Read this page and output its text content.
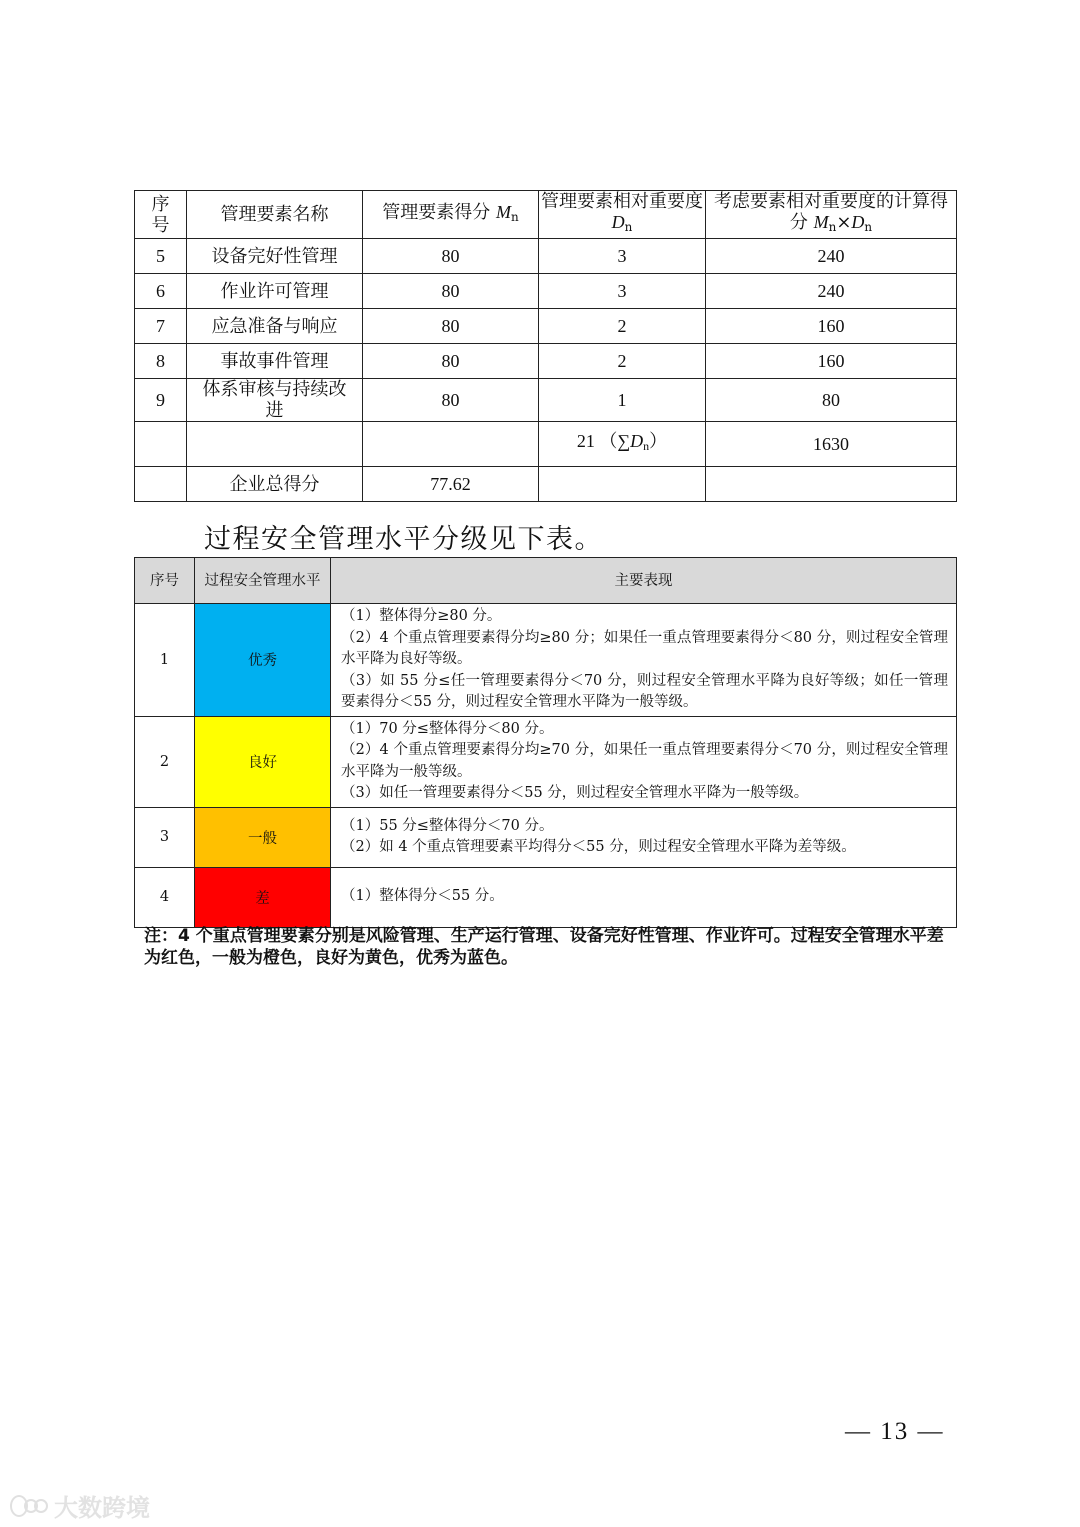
序号	管理要素名称	管理要素得分 $M_n$	管理要素相对重要度 $D_n$	考虑要素相对重要度的计算得分 $M_n\times D_n$
5	设备完好性管理	80	3	240
6	作业许可管理	80	3	240
7	应急准备与响应	80	2	160
8	事故事件管理	80	2	160
9	体系审核与持续改进	80	1	80
			21 $(\sum D_n)$	1630
	企业总得分	77.62		
过程安全管理水平分级见下表。
序号	过程安全管理水平	主要表现
1	优秀	（1）整体得分≥80 分。

（2）4 个重点管理要素得分均≥80 分；如果任一重点管理要素得分＜80 分，则过程安全管理水平降为良好等级。

（3）如 55 分≤任一管理要素得分＜70 分，则过程安全管理水平降为良好等级；如任一管理要素得分＜55 分，则过程安全管理水平降为一般等级。

2	良好	（1）70 分≤整体得分＜80 分。

（2）4 个重点管理要素得分均≥70 分，如果任一重点管理要素得分＜70 分，则过程安全管理水平降为一般等级。

（3）如任一管理要素得分＜55 分，则过程安全管理水平降为一般等级。

3	一般	（1）55 分≤整体得分＜70 分。

（2）如 4 个重点管理要素平均得分＜55 分，则过程安全管理水平降为差等级。

4	差	（1）整体得分＜55 分。

注：4 个重点管理要素分别是风险管理、生产运行管理、设备完好性管理、作业许可。过程安全管理水平差为红色，一般为橙色，良好为黄色，优秀为蓝色。

— 13 —
大数跨境
